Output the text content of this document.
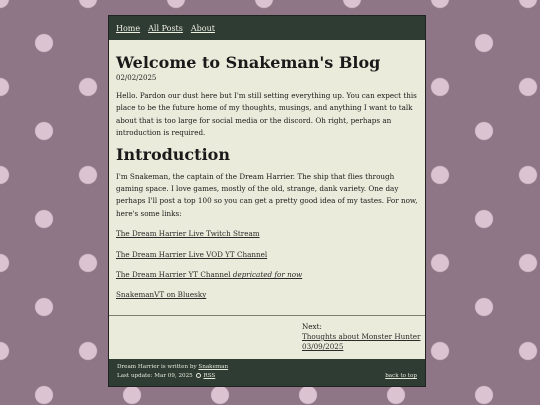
Home All Posts About
Welcome to Snakeman's Blog
02/02/2025

Hello. Pardon our dust here but I'm still setting everything up. You can expect this place to be the future home of my thoughts, musings, and anything I want to talk about that is too large for social media or the discord. Oh right, perhaps an introduction is required.

Introduction

I'm Snakeman, the captain of the Dream Harrier. The ship that flies through gaming space. I love games, mostly of the old, strange, dank variety. One day perhaps I'll post a top 100 so you can get a pretty good idea of my tastes. For now, here's some links:

The Dream Harrier Live Twitch Stream

The Dream Harrier Live VOD YT Channel

The Dream Harrier YT Channel depricated for now

SnakemanVT on Bluesky

Next:
Thoughts about Monster Hunter
03/09/2025
Dream Harrier is written by Snakeman
Last update: Mar 09, 2025 RSS	back to top
